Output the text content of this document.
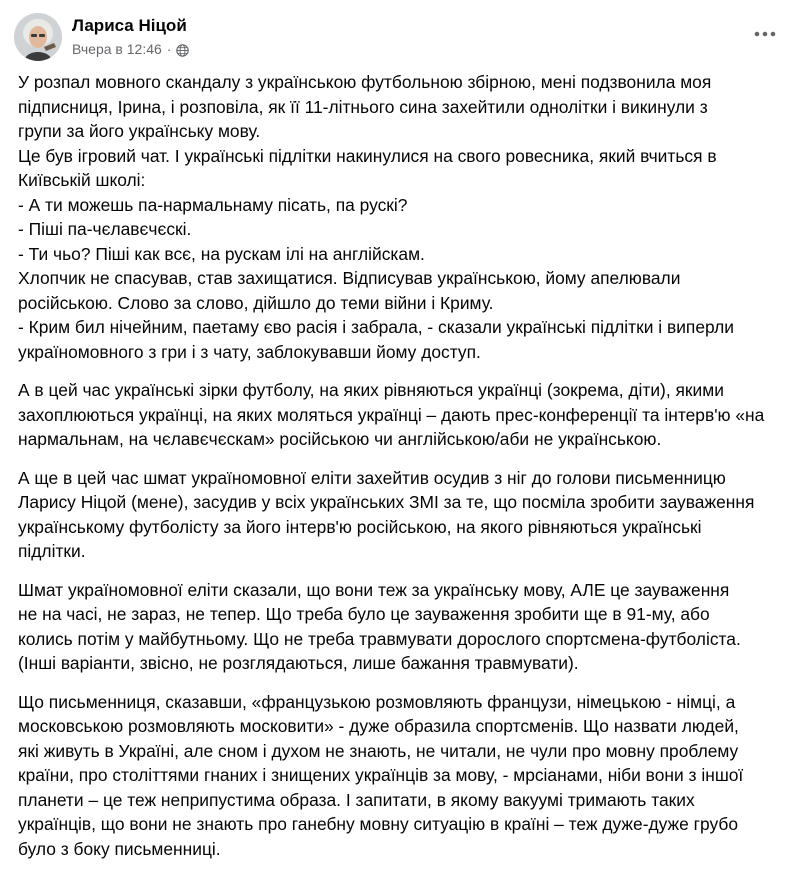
Лариса Ніцой
Вчера в 12:46 ·

У розпал мовного скандалу з українською футбольною збірною, мені подзвонила моя
підписниця, Ірина, і розповіла, як її 11-літнього сина захейтили однолітки і викинули з
групи за його українську мову.
Це був ігровий чат. І українські підлітки накинулися на свого ровесника, який вчиться в
Київській школі:
- А ти можешь па-нармальнаму пісать, па рускі?
- Піші па-чєлавєчєскі.
- Ти чьо? Піші как всє, на рускам ілі на англійскам.
Хлопчик не спасував, став захищатися. Відписував українською, йому апелювали
російською. Слово за слово, дійшло до теми війни і Криму.
- Крим бил нічейним, паетаму єво расія і забрала, - сказали українські підлітки і виперли
україномовного з гри і з чату, заблокувавши йому доступ.

А в цей час українські зірки футболу, на яких рівняються українці (зокрема, діти), якими
захоплюються українці, на яких моляться українці – дають прес-конференції та інтерв'ю «на
нармальнам, на чєлавєчєскам» російською чи англійською/аби не українською.

А ще в цей час шмат україномовної еліти захейтив осудив з ніг до голови письменницю
Ларису Ніцой (мене), засудив у всіх українських ЗМІ за те, що посміла зробити зауваження
українському футболісту за його інтерв'ю російською, на якого рівняються українські
підлітки.

Шмат україномовної еліти сказали, що вони теж за українську мову, АЛЕ це зауваження
не на часі, не зараз, не тепер. Що треба було це зауваження зробити ще в 91-му, або
колись потім у майбутньому. Що не треба травмувати дорослого спортсмена-футболіста.
(Інші варіанти, звісно, не розглядаються, лише бажання травмувати).

Що письменниця, сказавши, «французькою розмовляють французи, німецькою - німці, а
московською розмовляють московити» - дуже образила спортсменів. Що назвати людей,
які живуть в Україні, але сном і духом не знають, не читали, не чули про мовну проблему
країни, про століттями гнаних і знищених українців за мову, - мрсіанами, ніби вони з іншої
планети – це теж неприпустима образа. І запитати, в якому вакуумі тримають таких
українців, що вони не знають про ганебну мовну ситуацію в країні – теж дуже-дуже грубо
було з боку письменниці.
